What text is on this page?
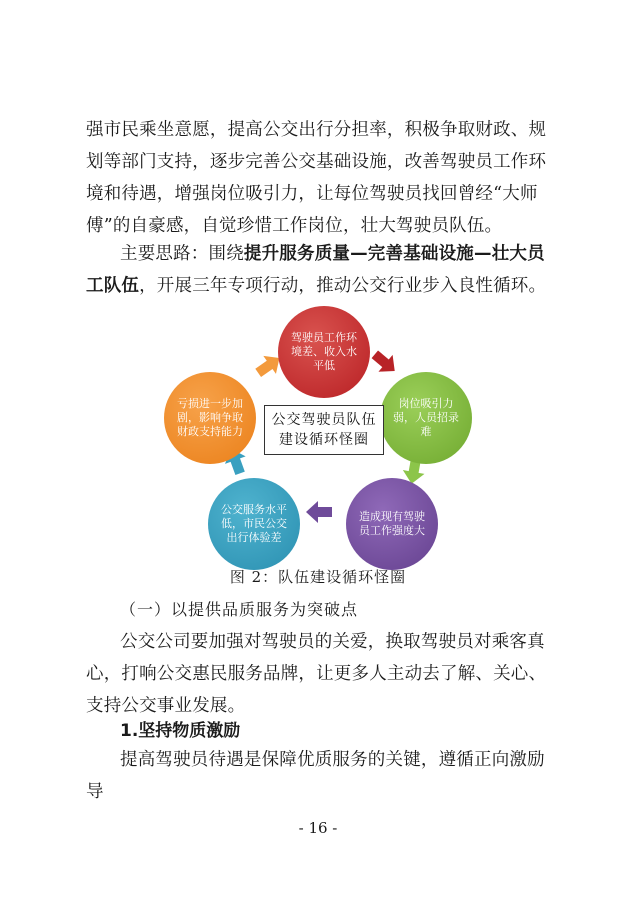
强市民乘坐意愿，提高公交出行分担率，积极争取财政、规划等部门支持，逐步完善公交基础设施，改善驾驶员工作环境和待遇，增强岗位吸引力，让每位驾驶员找回曾经“大师傅”的自豪感，自觉珍惜工作岗位，壮大驾驶员队伍。
主要思路：围绕提升服务质量—完善基础设施—壮大员工队伍，开展三年专项行动，推动公交行业步入良性循环。
驾驶员工作环境差、收入水平低
岗位吸引力弱，人员招录难
造成现有驾驶员工作强度大
公交服务水平低，市民公交出行体验差
亏损进一步加剧，影响争取财政支持能力
公交驾驶员队伍
建设循环怪圈
图 2：队伍建设循环怪圈
（一）以提供品质服务为突破点
公交公司要加强对驾驶员的关爱，换取驾驶员对乘客真心，打响公交惠民服务品牌，让更多人主动去了解、关心、支持公交事业发展。
1.坚持物质激励
提高驾驶员待遇是保障优质服务的关键，遵循正向激励导
- 16 -
